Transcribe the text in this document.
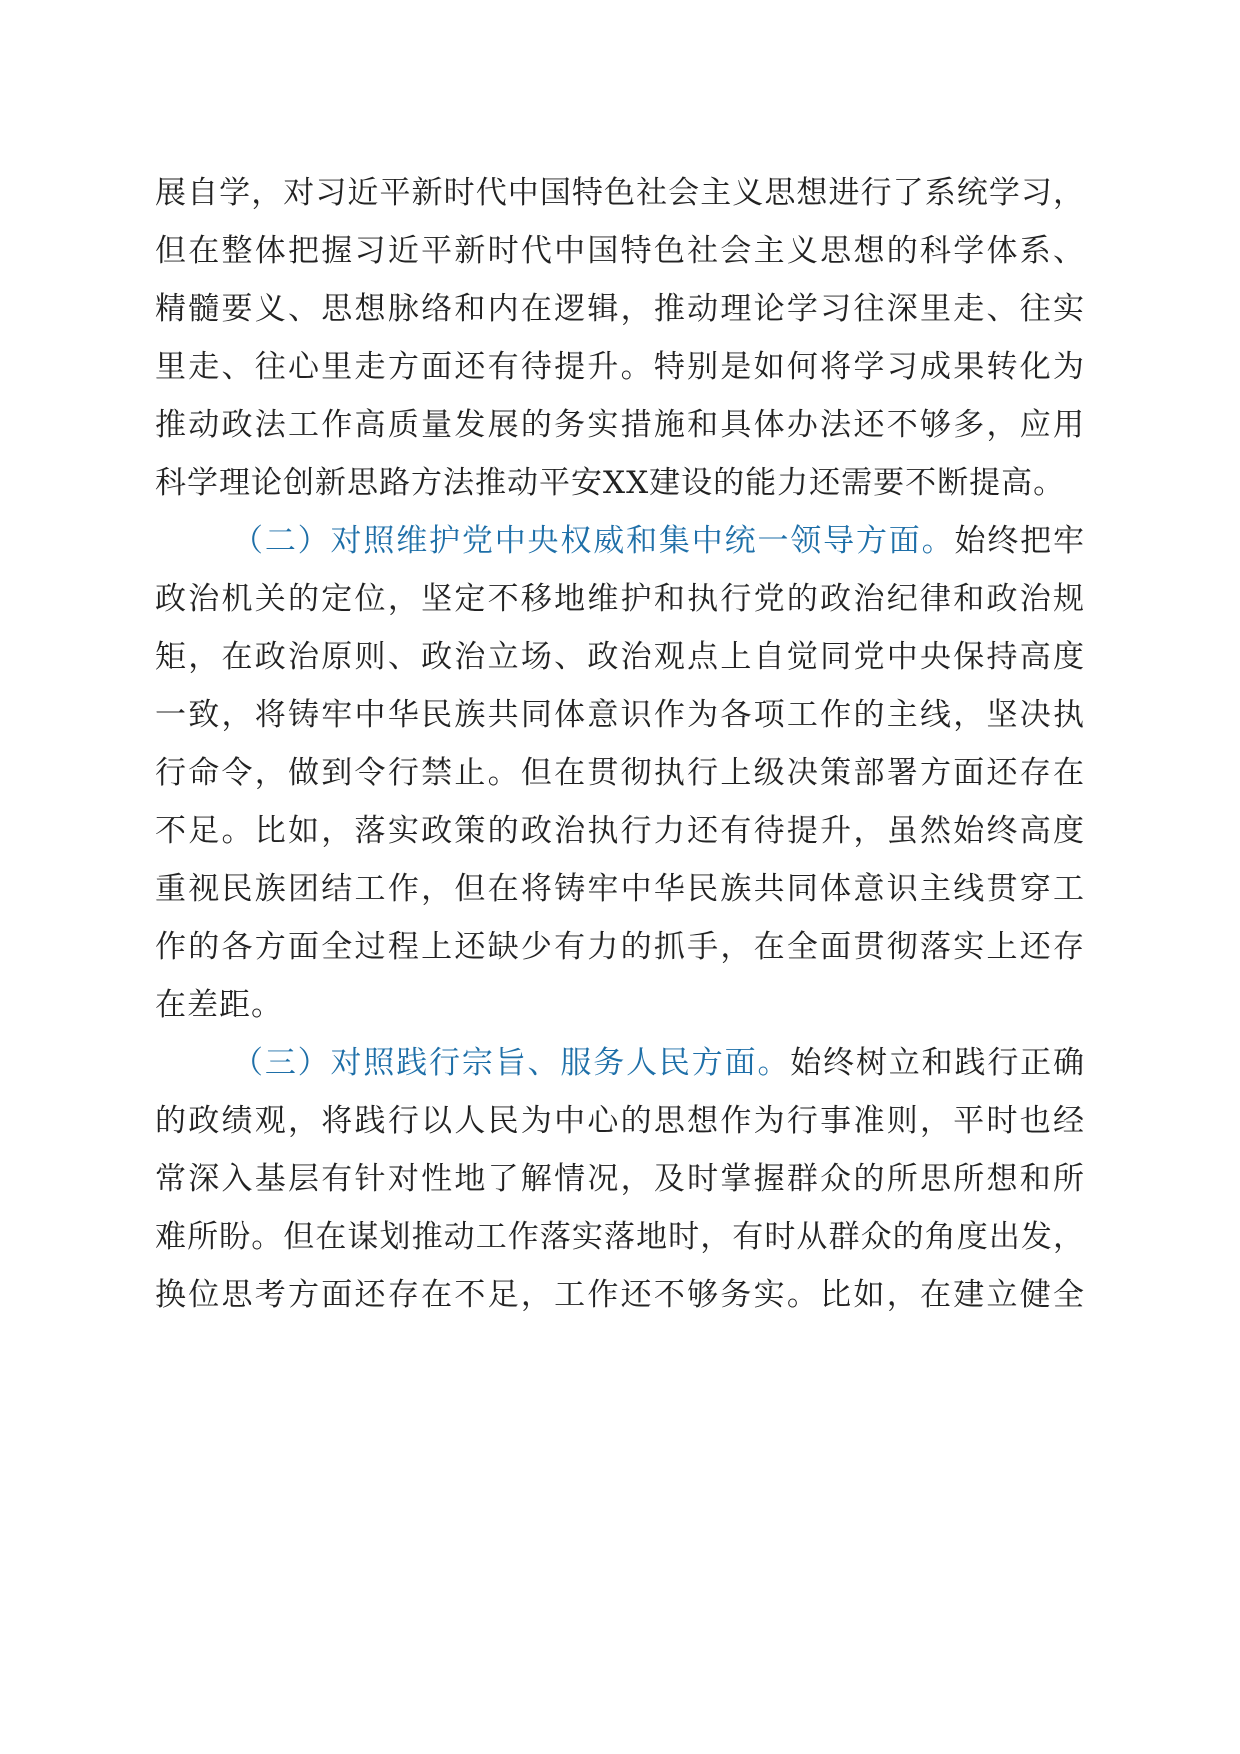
展自学，对习近平新时代中国特色社会主义思想进行了系统学习，
但在整体把握习近平新时代中国特色社会主义思想的科学体系、
精髓要义、思想脉络和内在逻辑，推动理论学习往深里走、往实
里走、往心里走方面还有待提升。特别是如何将学习成果转化为
推动政法工作高质量发展的务实措施和具体办法还不够多，应用
科学理论创新思路方法推动平安XX建设的能力还需要不断提高。
（二）对照维护党中央权威和集中统一领导方面。始终把牢
政治机关的定位，坚定不移地维护和执行党的政治纪律和政治规
矩，在政治原则、政治立场、政治观点上自觉同党中央保持高度
一致，将铸牢中华民族共同体意识作为各项工作的主线，坚决执
行命令，做到令行禁止。但在贯彻执行上级决策部署方面还存在
不足。比如，落实政策的政治执行力还有待提升，虽然始终高度
重视民族团结工作，但在将铸牢中华民族共同体意识主线贯穿工
作的各方面全过程上还缺少有力的抓手，在全面贯彻落实上还存
在差距。
（三）对照践行宗旨、服务人民方面。始终树立和践行正确
的政绩观，将践行以人民为中心的思想作为行事准则，平时也经
常深入基层有针对性地了解情况，及时掌握群众的所思所想和所
难所盼。但在谋划推动工作落实落地时，有时从群众的角度出发，
换位思考方面还存在不足，工作还不够务实。比如，在建立健全
